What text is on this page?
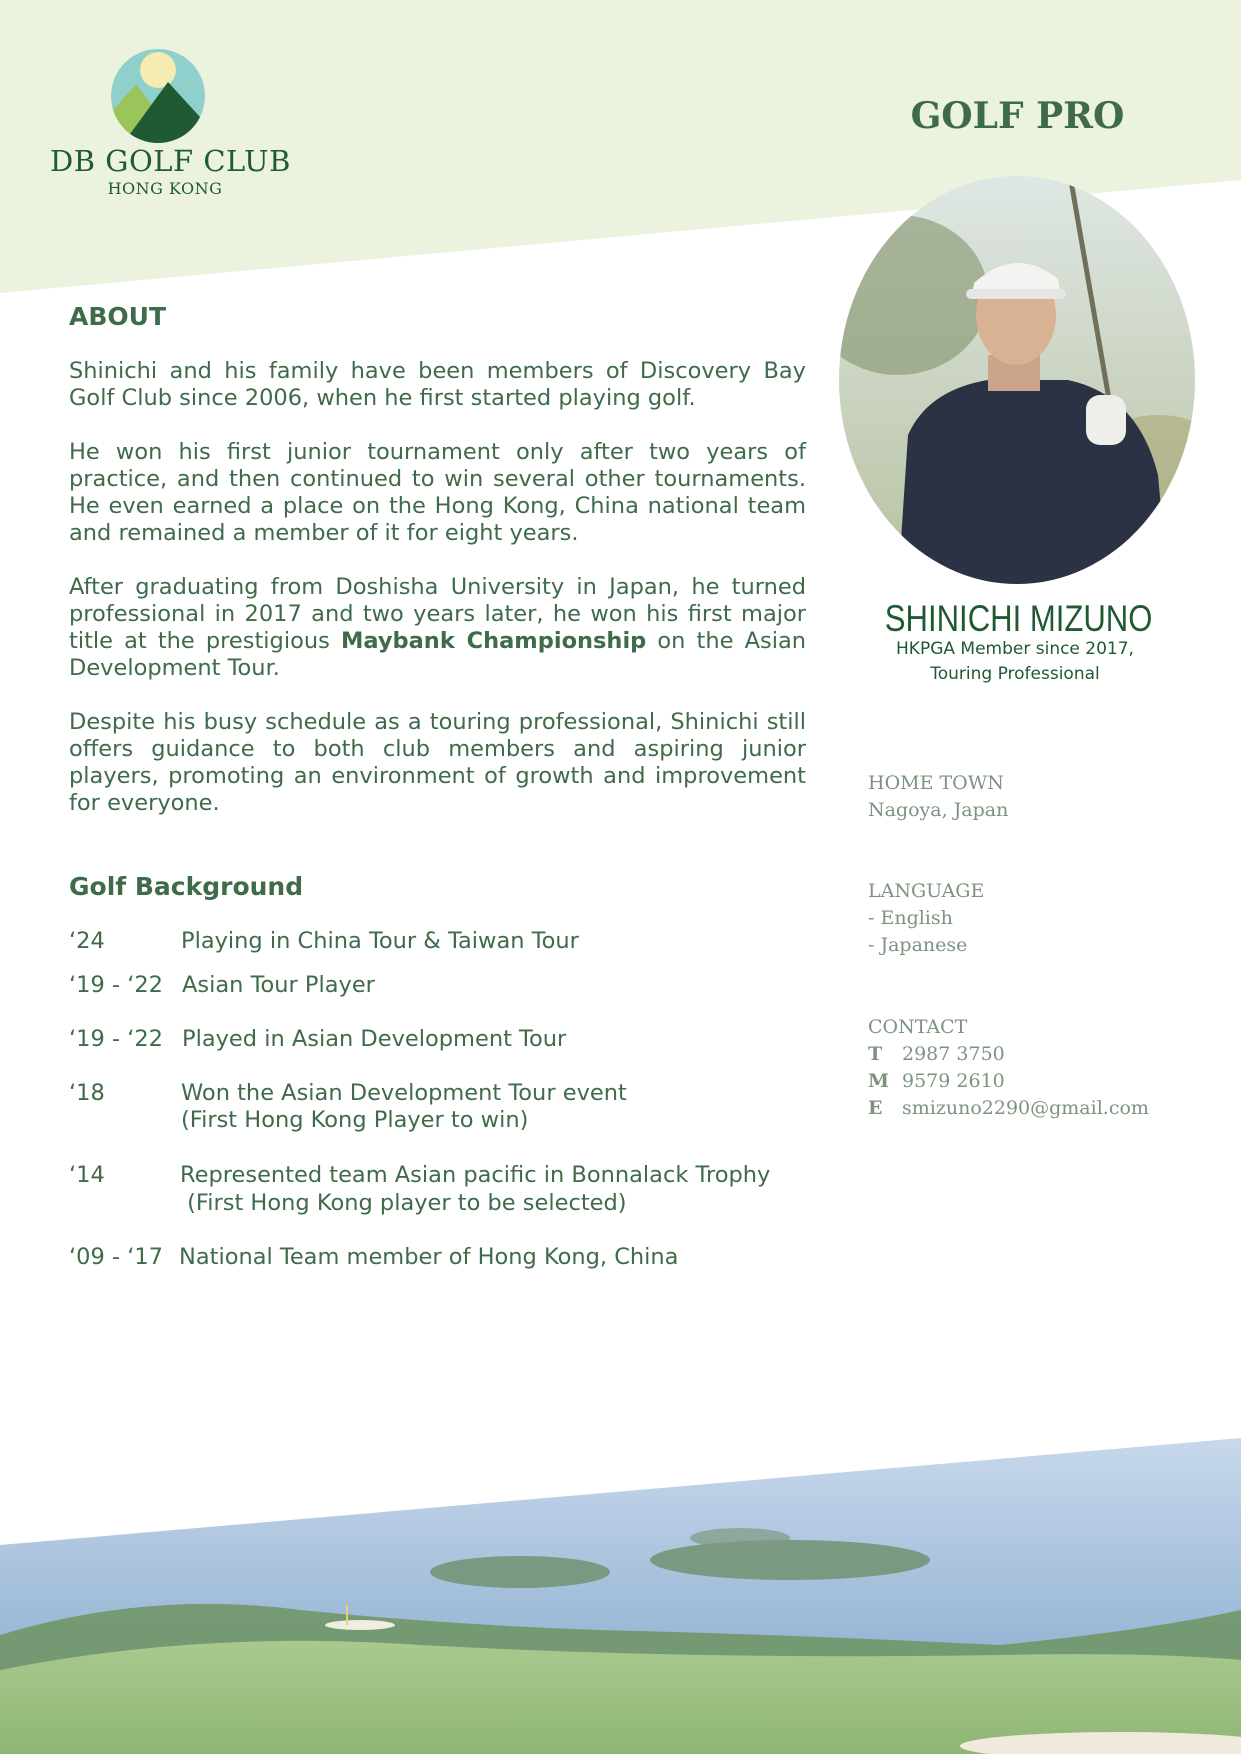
DB GOLF CLUB
HONG KONG
GOLF PRO
SHINICHI MIZUNO
HKPGA Member since 2017,
Touring Professional
ABOUT

Shinichi and his family have been members of Discovery Bay Golf Club since 2006, when he first started playing golf.

He won his first junior tournament only after two years of practice, and then continued to win several other tournaments. He even earned a place on the Hong Kong, China national team and remained a member of it for eight years.

After graduating from Doshisha University in Japan, he turned professional in 2017 and two years later, he won his first major title at the prestigious Maybank Championship on the Asian Development Tour.

Despite his busy schedule as a touring professional, Shinichi still offers guidance to both club members and aspiring junior players, promoting an environment of growth and improvement for everyone.

Golf Background
‘24	Playing in China Tour & Taiwan Tour
‘19 - ‘22 Asian Tour Player
‘19 - ‘22 Played in Asian Development Tour
‘18	Won the Asian Development Tour event
(First Hong Kong Player to win)
‘14	Represented team Asian pacific in Bonnalack Trophy
(First Hong Kong player to be selected)
‘09 - ‘17 National Team member of Hong Kong, China
HOME TOWN
Nagoya, Japan
LANGUAGE
- English
- Japanese
CONTACT
T 2987 3750
M 9579 2610
E smizuno2290@gmail.com
